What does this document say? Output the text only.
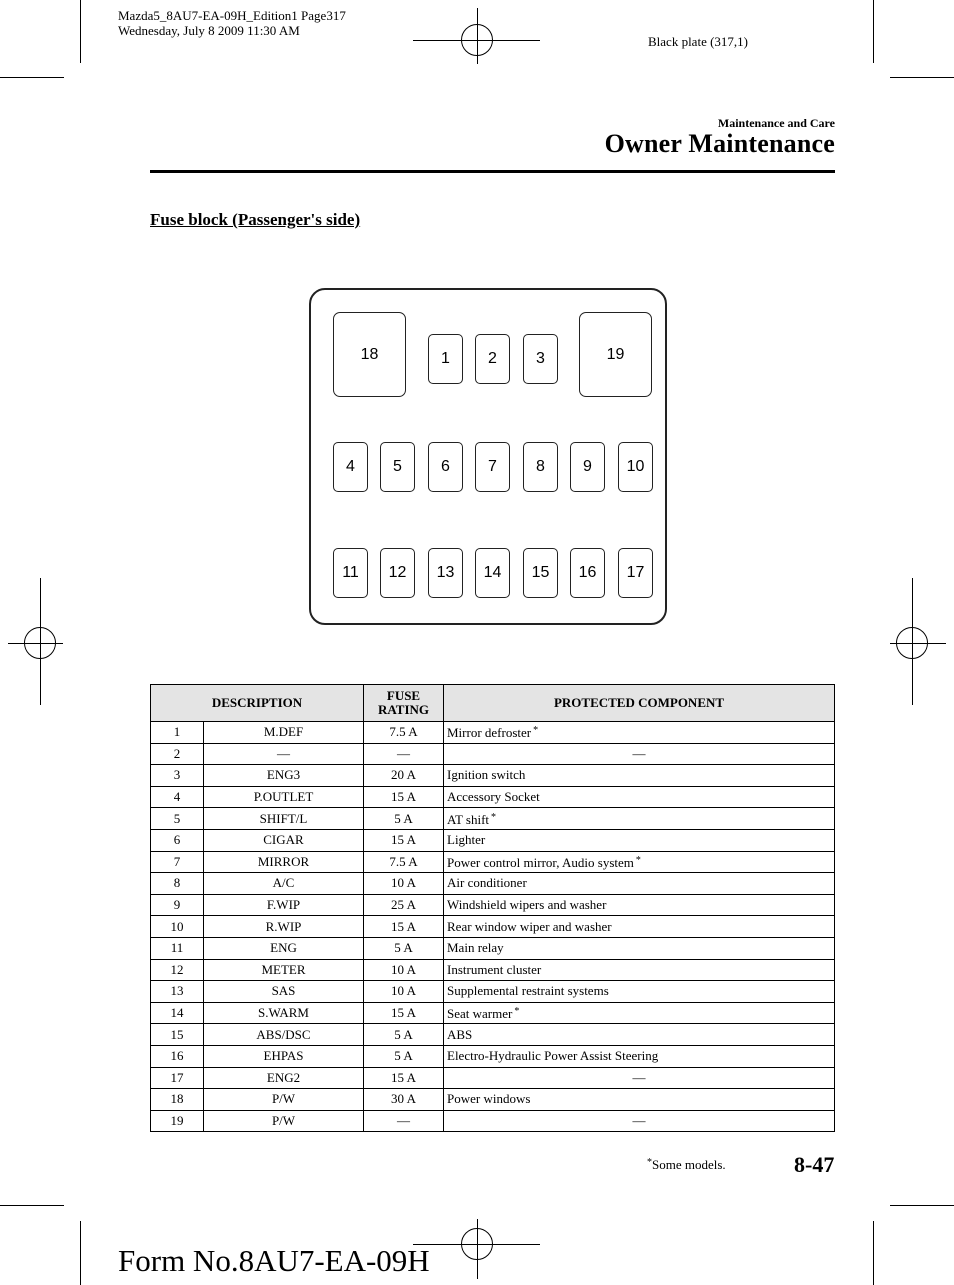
Mazda5_8AU7-EA-09H_Edition1 Page317
Wednesday, July 8 2009 11:30 AM
Black plate (317,1)
Maintenance and Care
Owner Maintenance
Fuse block (Passenger's side)
18	1	2	3	19
4	5	6	7	8	9	10
11	12	13	14	15	16	17
DESCRIPTION		FUSE
RATING	PROTECTED COMPONENT
1	M.DEF	7.5 A	Mirror defroster *
2	—	—	—
3	ENG3	20 A	Ignition switch
4	P.OUTLET	15 A	Accessory Socket
5	SHIFT/L	5 A	AT shift *
6	CIGAR	15 A	Lighter
7	MIRROR	7.5 A	Power control mirror, Audio system *
8	A/C	10 A	Air conditioner
9	F.WIP	25 A	Windshield wipers and washer
10	R.WIP	15 A	Rear window wiper and washer
11	ENG	5 A	Main relay
12	METER	10 A	Instrument cluster
13	SAS	10 A	Supplemental restraint systems
14	S.WARM	15 A	Seat warmer *
15	ABS/DSC	5 A	ABS
16	EHPAS	5 A	Electro-Hydraulic Power Assist Steering
17	ENG2	15 A	—
18	P/W	30 A	Power windows
19	P/W	—	—
*Some models.	8-47
Form No.8AU7-EA-09H
